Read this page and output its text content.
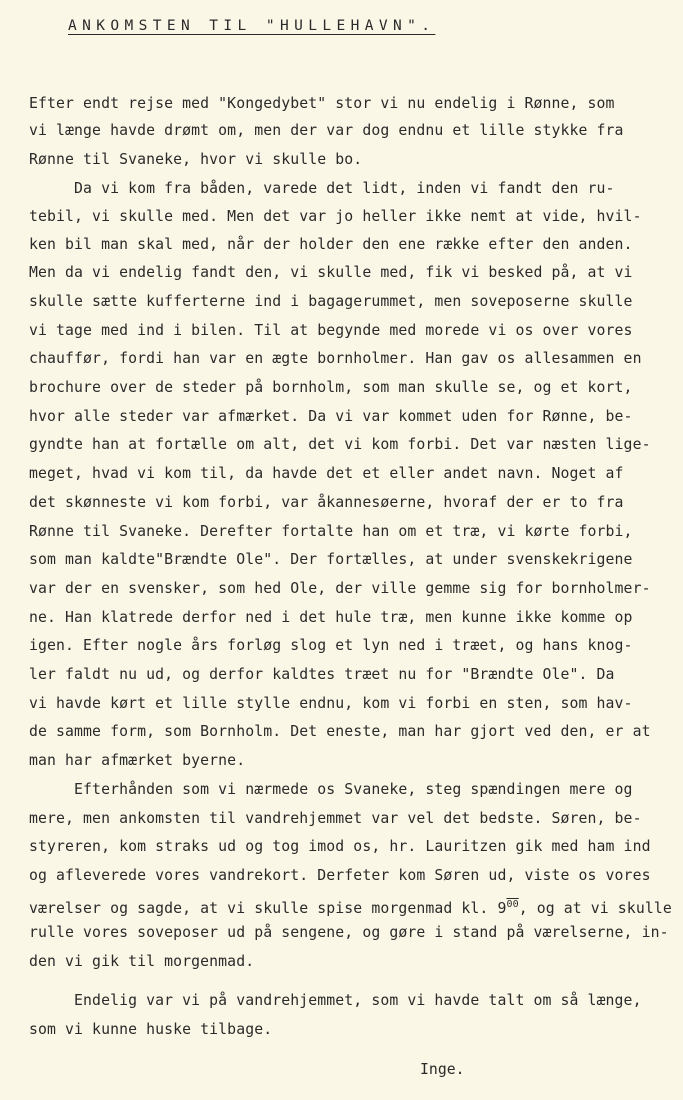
ANKOMSTEN TIL "HULLEHAVN".
Efter endt rejse med "Kongedybet" stor vi nu endelig i Rønne, som
vi længe havde drømt om, men der var dog endnu et lille stykke fra
Rønne til Svaneke, hvor vi skulle bo.
Da vi kom fra båden, varede det lidt, inden vi fandt den ru-
tebil, vi skulle med. Men det var jo heller ikke nemt at vide, hvil-
ken bil man skal med, når der holder den ene række efter den anden.
Men da vi endelig fandt den, vi skulle med, fik vi besked på, at vi
skulle sætte kufferterne ind i bagagerummet, men soveposerne skulle
vi tage med ind i bilen. Til at begynde med morede vi os over vores
chauffør, fordi han var en ægte bornholmer. Han gav os allesammen en
brochure over de steder på bornholm, som man skulle se, og et kort,
hvor alle steder var afmærket. Da vi var kommet uden for Rønne, be-
gyndte han at fortælle om alt, det vi kom forbi. Det var næsten lige-
meget, hvad vi kom til, da havde det et eller andet navn. Noget af
det skønneste vi kom forbi, var åkannesøerne, hvoraf der er to fra
Rønne til Svaneke. Derefter fortalte han om et træ, vi kørte forbi,
som man kaldte"Brændte Ole". Der fortælles, at under svenskekrigene
var der en svensker, som hed Ole, der ville gemme sig for bornholmer-
ne. Han klatrede derfor ned i det hule træ, men kunne ikke komme op
igen. Efter nogle års forløg slog et lyn ned i træet, og hans knog-
ler faldt nu ud, og derfor kaldtes træet nu for "Brændte Ole". Da
vi havde kørt et lille stylle endnu, kom vi forbi en sten, som hav-
de samme form, som Bornholm. Det eneste, man har gjort ved den, er at
man har afmærket byerne.
Efterhånden som vi nærmede os Svaneke, steg spændingen mere og
mere, men ankomsten til vandrehjemmet var vel det bedste. Søren, be-
styreren, kom straks ud og tog imod os, hr. Lauritzen gik med ham ind
og afleverede vores vandrekort. Derfeter kom Søren ud, viste os vores
værelser og sagde, at vi skulle spise morgenmad kl. $9^{00}$, og at vi skulle
rulle vores soveposer ud på sengene, og gøre i stand på værelserne, in-
den vi gik til morgenmad.
Endelig var vi på vandrehjemmet, som vi havde talt om så længe,
som vi kunne huske tilbage.
Inge.
